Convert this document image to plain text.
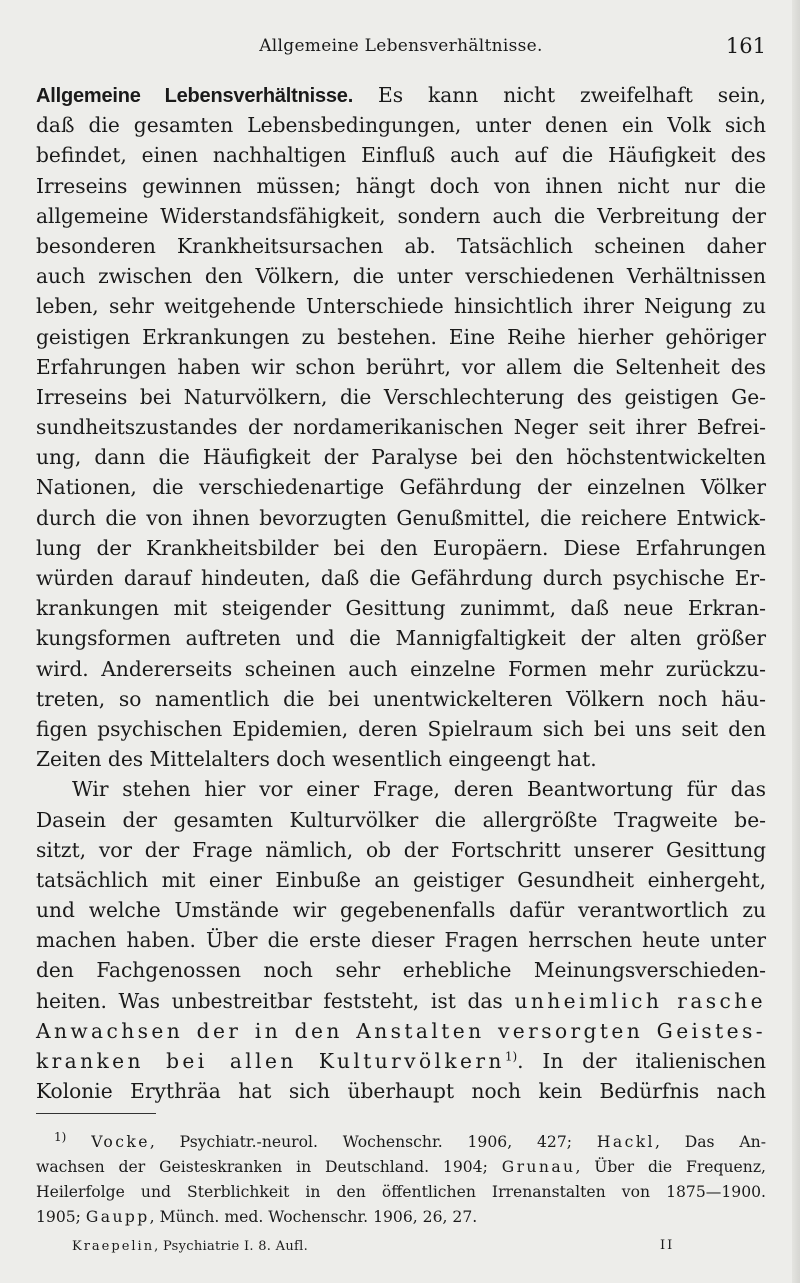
Allgemeine Lebensverhältnisse.	161
Allgemeine Lebensverhältnisse. Es kann nicht zweifelhaft sein,
daß die gesamten Lebensbedingungen, unter denen ein Volk sich
befindet, einen nachhaltigen Einfluß auch auf die Häufigkeit des
Irreseins gewinnen müssen; hängt doch von ihnen nicht nur die
allgemeine Widerstandsfähigkeit, sondern auch die Verbreitung der
besonderen Krankheitsursachen ab. Tatsächlich scheinen daher
auch zwischen den Völkern, die unter verschiedenen Verhältnissen
leben, sehr weitgehende Unterschiede hinsichtlich ihrer Neigung zu
geistigen Erkrankungen zu bestehen. Eine Reihe hierher gehöriger
Erfahrungen haben wir schon berührt, vor allem die Seltenheit des
Irreseins bei Naturvölkern, die Verschlechterung des geistigen Ge-
sundheitszustandes der nordamerikanischen Neger seit ihrer Befrei-
ung, dann die Häufigkeit der Paralyse bei den höchstentwickelten
Nationen, die verschiedenartige Gefährdung der einzelnen Völker
durch die von ihnen bevorzugten Genußmittel, die reichere Entwick-
lung der Krankheitsbilder bei den Europäern. Diese Erfahrungen
würden darauf hindeuten, daß die Gefährdung durch psychische Er-
krankungen mit steigender Gesittung zunimmt, daß neue Erkran-
kungsformen auftreten und die Mannigfaltigkeit der alten größer
wird. Andererseits scheinen auch einzelne Formen mehr zurückzu-
treten, so namentlich die bei unentwickelteren Völkern noch häu-
figen psychischen Epidemien, deren Spielraum sich bei uns seit den
Zeiten des Mittelalters doch wesentlich eingeengt hat.
Wir stehen hier vor einer Frage, deren Beantwortung für das
Dasein der gesamten Kulturvölker die allergrößte Tragweite be-
sitzt, vor der Frage nämlich, ob der Fortschritt unserer Gesittung
tatsächlich mit einer Einbuße an geistiger Gesundheit einhergeht,
und welche Umstände wir gegebenenfalls dafür verantwortlich zu
machen haben. Über die erste dieser Fragen herrschen heute unter
den Fachgenossen noch sehr erhebliche Meinungsverschieden-
heiten. Was unbestreitbar feststeht, ist das unheimlich rasche
Anwachsen der in den Anstalten versorgten Geistes-
kranken bei allen Kulturvölkern$^{1)}$. In der italienischen
Kolonie Erythräa hat sich überhaupt noch kein Bedürfnis nach
$^{1)}$ Vocke, Psychiatr.-neurol. Wochenschr. 1906, 427; Hackl, Das An-
wachsen der Geisteskranken in Deutschland. 1904; Grunau, Über die Frequenz,
Heilerfolge und Sterblichkeit in den öffentlichen Irrenanstalten von 1875—1900.
1905; Gaupp, Münch. med. Wochenschr. 1906, 26, 27.
Kraepelin, Psychiatrie I. 8. Aufl.	II
